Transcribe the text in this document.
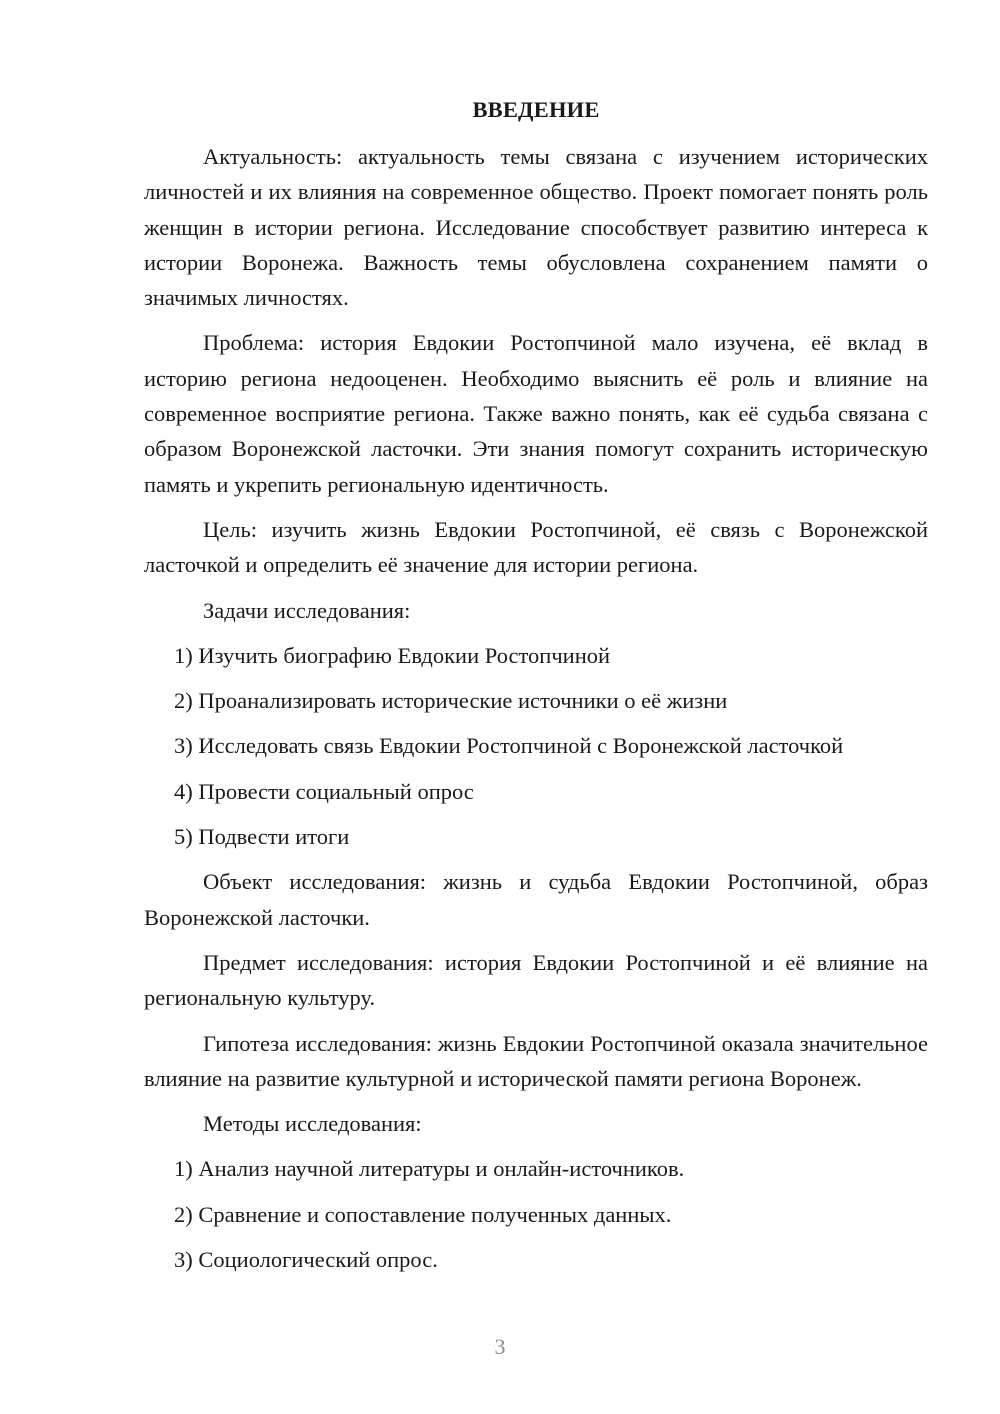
ВВЕДЕНИЕ

Актуальность: актуальность темы связана с изучением исторических личностей и их влияния на современное общество. Проект помогает понять роль женщин в истории региона. Исследование способствует развитию интереса к истории Воронежа. Важность темы обусловлена сохранением памяти о значимых личностях.

Проблема: история Евдокии Ростопчиной мало изучена, её вклад в историю региона недооценен. Необходимо выяснить её роль и влияние на современное восприятие региона. Также важно понять, как её судьба связана с образом Воронежской ласточки. Эти знания помогут сохранить историческую память и укрепить региональную идентичность.

Цель: изучить жизнь Евдокии Ростопчиной, её связь с Воронежской ласточкой и определить её значение для истории региона.

Задачи исследования:

1) Изучить биографию Евдокии Ростопчиной
2) Проанализировать исторические источники о её жизни
3) Исследовать связь Евдокии Ростопчиной с Воронежской ласточкой
4) Провести социальный опрос
5) Подвести итоги

Объект исследования: жизнь и судьба Евдокии Ростопчиной, образ Воронежской ласточки.

Предмет исследования: история Евдокии Ростопчиной и её влияние на региональную культуру.

Гипотеза исследования: жизнь Евдокии Ростопчиной оказала значительное влияние на развитие культурной и исторической памяти региона Воронеж.

Методы исследования:

1) Анализ научной литературы и онлайн-источников.
2) Сравнение и сопоставление полученных данных.
3) Социологический опрос.
3
